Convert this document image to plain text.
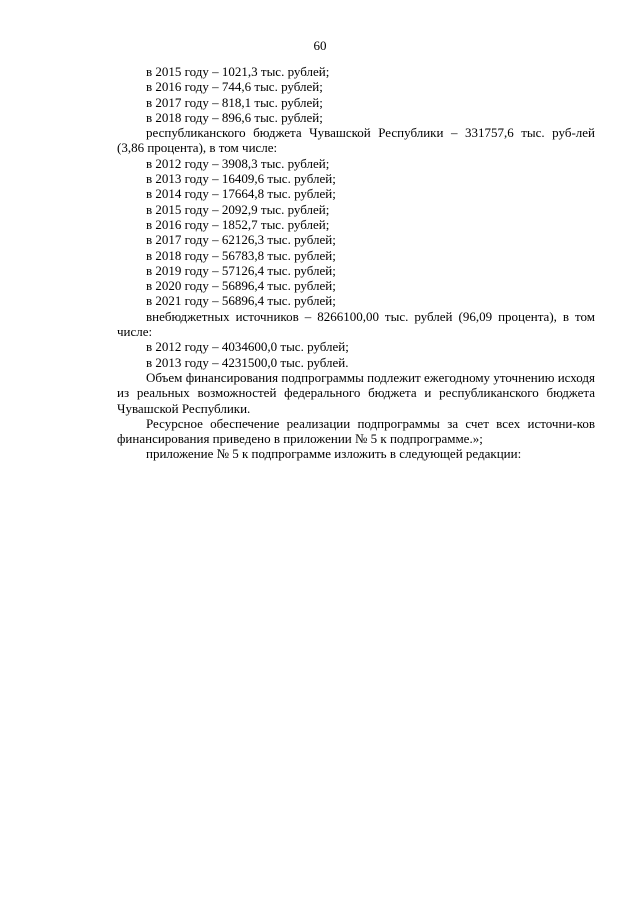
60

в 2015 году – 1021,3 тыс. рублей;

в 2016 году – 744,6 тыс. рублей;

в 2017 году – 818,1 тыс. рублей;

в 2018 году – 896,6 тыс. рублей;

республиканского бюджета Чувашской Республики – 331757,6 тыс. руб-лей (3,86 процента), в том числе:

в 2012 году – 3908,3 тыс. рублей;

в 2013 году – 16409,6 тыс. рублей;

в 2014 году – 17664,8 тыс. рублей;

в 2015 году – 2092,9 тыс. рублей;

в 2016 году – 1852,7 тыс. рублей;

в 2017 году – 62126,3 тыс. рублей;

в 2018 году – 56783,8 тыс. рублей;

в 2019 году – 57126,4 тыс. рублей;

в 2020 году – 56896,4 тыс. рублей;

в 2021 году – 56896,4 тыс. рублей;

внебюджетных источников – 8266100,00 тыс. рублей (96,09 процента), в том числе:

в 2012 году – 4034600,0 тыс. рублей;

в 2013 году – 4231500,0 тыс. рублей.

Объем финансирования подпрограммы подлежит ежегодному уточнению исходя из реальных возможностей федерального бюджета и республиканского бюджета Чувашской Республики.

Ресурсное обеспечение реализации подпрограммы за счет всех источни-ков финансирования приведено в приложении № 5 к подпрограмме.»;

приложение № 5 к подпрограмме изложить в следующей редакции:
